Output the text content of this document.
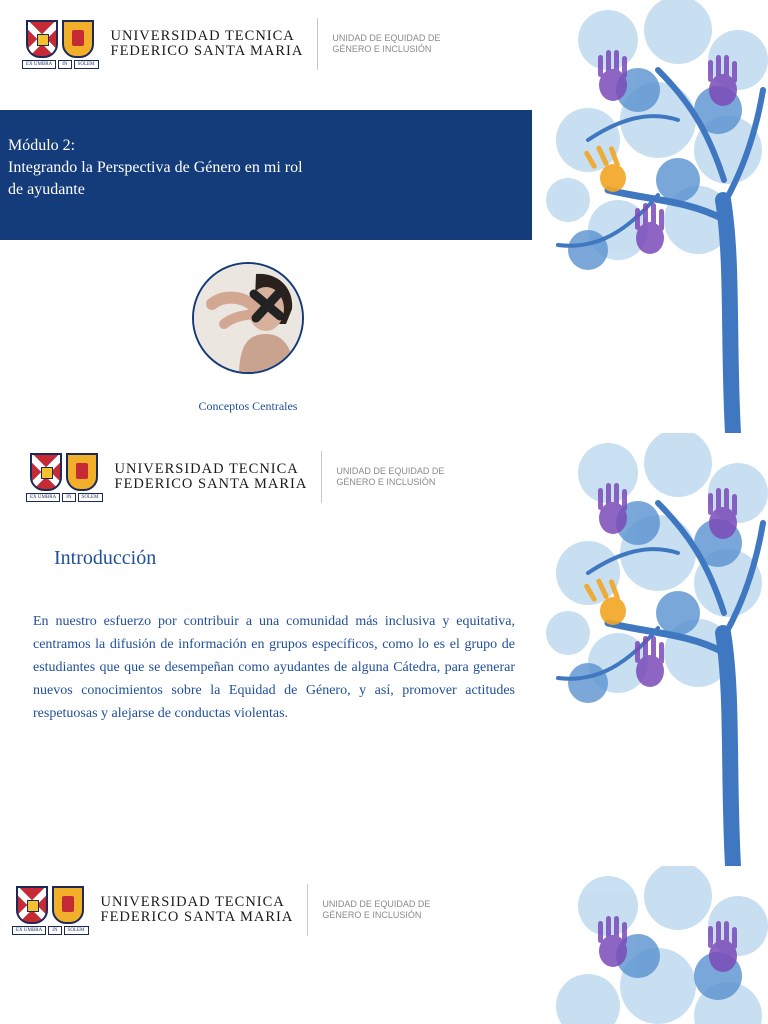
EX UMBRA	IN	SOLEM
UNIVERSIDAD TECNICA
FEDERICO SANTA MARIA
UNIDAD DE EQUIDAD DE
GÉNERO E INCLUSIÓN
Módulo 2:
Integrando la Perspectiva de Género en mi rol
de ayudante
Conceptos Centrales
EX UMBRA	IN	SOLEM
UNIVERSIDAD TECNICA
FEDERICO SANTA MARIA
UNIDAD DE EQUIDAD DE
GÉNERO E INCLUSIÓN
Introducción

En nuestro esfuerzo por contribuir a una comunidad más inclusiva y equitativa, centramos la difusión de información en grupos específicos, como lo es el grupo de estudiantes que que se desempeñan como ayudantes de alguna Cátedra, para generar nuevos conocimientos sobre la Equidad de Género, y así, promover actitudes respetuosas y alejarse de conductas violentas.

EX UMBRA	IN	SOLEM
UNIVERSIDAD TECNICA
FEDERICO SANTA MARIA
UNIDAD DE EQUIDAD DE
GÉNERO E INCLUSIÓN
